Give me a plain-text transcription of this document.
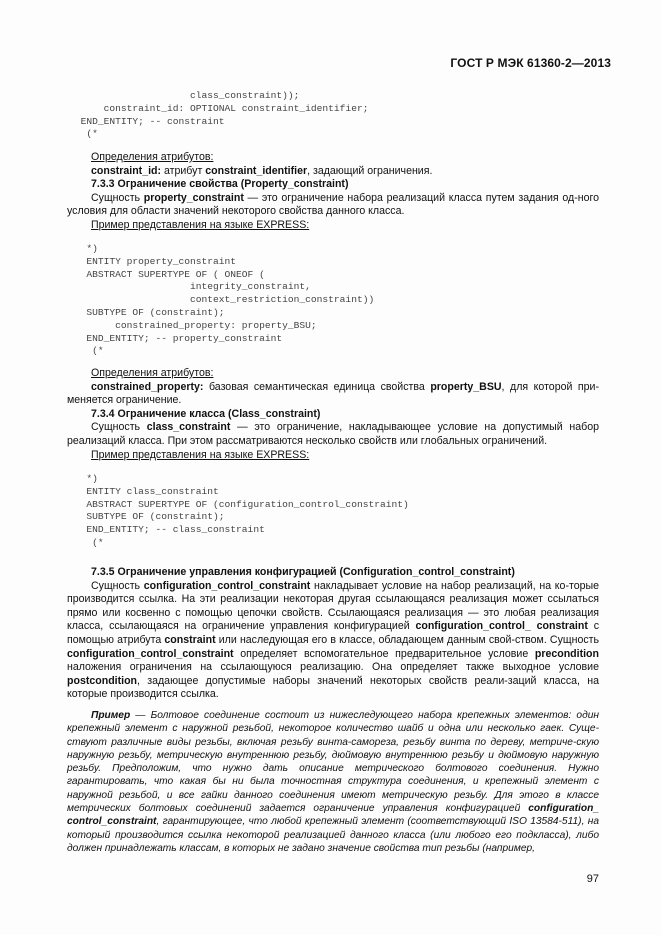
ГОСТ Р МЭК 61360-2—2013
class_constraint));
constraint_id: OPTIONAL constraint_identifier;
END_ENTITY; -- constraint
(*

Определения атрибутов:

constraint_id: атрибут constraint_identifier, задающий ограничения.

7.3.3 Ограничение свойства (Property_constraint)

Сущность property_constraint — это ограничение набора реализаций класса путем задания од-ного условия для области значений некоторого свойства данного класса.

Пример представления на языке EXPRESS:

*)
ENTITY property_constraint
ABSTRACT SUPERTYPE OF ( ONEOF (
integrity_constraint,
context_restriction_constraint))
SUBTYPE OF (constraint);
constrained_property: property_BSU;
END_ENTITY; -- property_constraint
(*

Определения атрибутов:

constrained_property: базовая семантическая единица свойства property_BSU, для которой при-меняется ограничение.

7.3.4 Ограничение класса (Class_constraint)

Сущность class_constraint — это ограничение, накладывающее условие на допустимый набор реализаций класса. При этом рассматриваются несколько свойств или глобальных ограничений.

Пример представления на языке EXPRESS:

*)
ENTITY class_constraint
ABSTRACT SUPERTYPE OF (configuration_control_constraint)
SUBTYPE OF (constraint);
END_ENTITY; -- class_constraint
(*

7.3.5 Ограничение управления конфигурацией (Configuration_control_constraint)

Сущность configuration_control_constraint накладывает условие на набор реализаций, на ко-торые производится ссылка. На эти реализации некоторая другая ссылающаяся реализация может ссылаться прямо или косвенно с помощью цепочки свойств. Ссылающаяся реализация — это любая реализация класса, ссылающаяся на ограничение управления конфигурацией configuration_control_ constraint с помощью атрибута constraint или наследующая его в классе, обладающем данным свой-ством. Сущность configuration_control_constraint определяет вспомогательное предварительное условие precondition наложения ограничения на ссылающуюся реализацию. Она определяет также выходное условие postcondition, задающее допустимые наборы значений некоторых свойств реали-заций класса, на которые производится ссылка.

Пример — Болтовое соединение состоит из нижеследующего набора крепежных элементов: один крепежный элемент с наружной резьбой, некоторое количество шайб и одна или несколько гаек. Суще-ствуют различные виды резьбы, включая резьбу винта-самореза, резьбу винта по дереву, метриче-скую наружную резьбу, метрическую внутреннюю резьбу, дюймовую внутреннюю резьбу и дюймовую наружную резьбу. Предположим, что нужно дать описание метрического болтового соединения. Нужно гарантировать, что какая бы ни была точностная структура соединения, и крепежный элемент с наружной резьбой, и все гайки данного соединения имеют метрическую резьбу. Для этого в классе метрических болтовых соединений задается ограничение управления конфигурацией configuration_ control_constraint, гарантирующее, что любой крепежный элемент (соответствующий ISO 13584-511), на который производится ссылка некоторой реализацией данного класса (или любого его подкласса), либо должен принадлежать классам, в которых не задано значение свойства тип резьбы (например,

97
